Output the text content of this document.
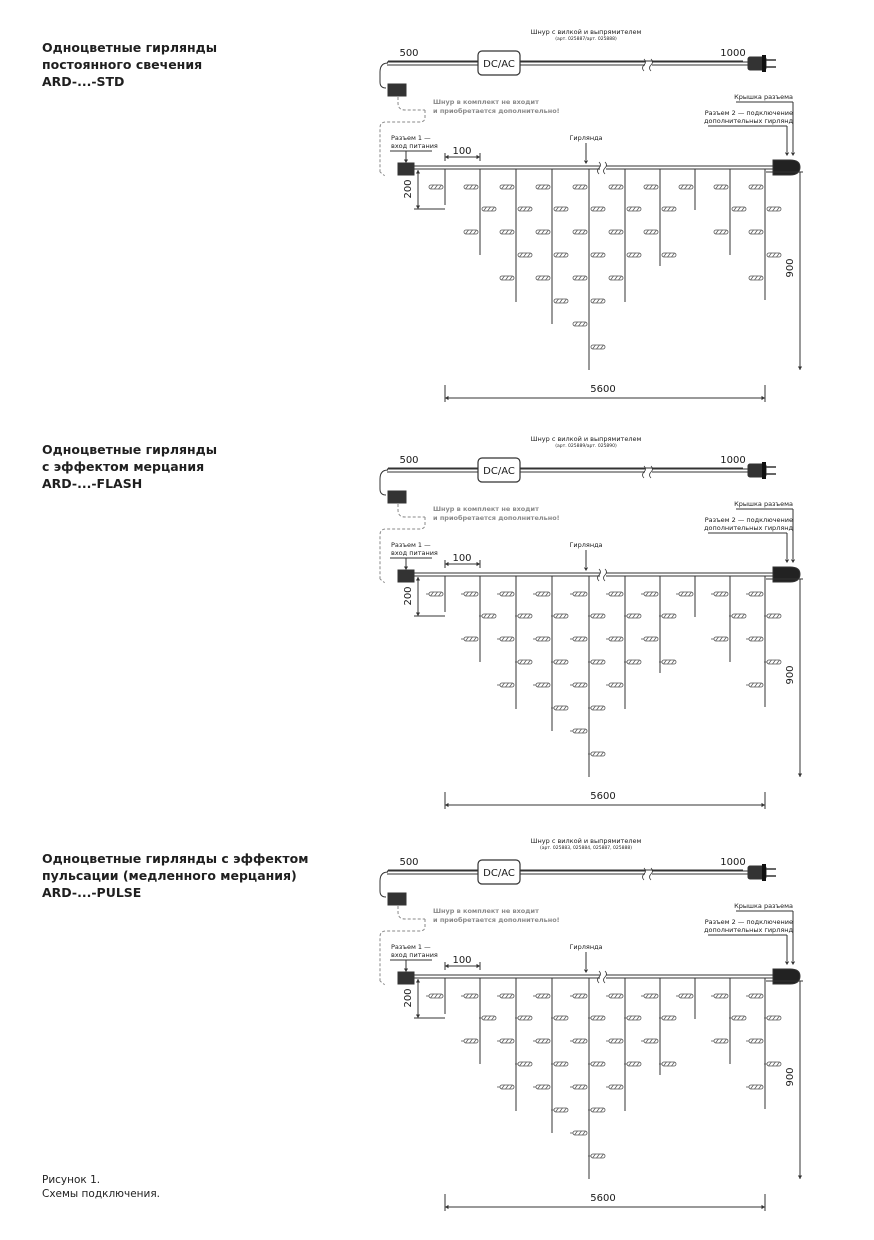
Одноцветные гирлянды
постоянного свечения
ARD-...-STD
Одноцветные гирлянды
с эффектом мерцания
ARD-...-FLASH
Одноцветные гирлянды с эффектом
пульсации (медленного мерцания)
ARD-...-PULSE
Шнур с вилкой и выпрямителем
(арт. 025887/арт. 025888)
500	1000
DC/AC
Шнур в комплект не входит
и приобретается дополнительно!
Крышка разъема
Разъем 2 — подключение
дополнительных гирлянд
Разъем 1 —
вход питания
Гирлянда
100
200
900
5600
Шнур с вилкой и выпрямителем
(арт. 025889/арт. 025890)
500	1000
DC/AC
Шнур в комплект не входит
и приобретается дополнительно!
Крышка разъема
Разъем 2 — подключение
дополнительных гирлянд
Разъем 1 —
вход питания
Гирлянда
100
200
900
5600
Шнур с вилкой и выпрямителем
(арт. 025883, 025884, 025887, 025888)
500	1000
DC/AC
Шнур в комплект не входит
и приобретается дополнительно!
Крышка разъема
Разъем 2 — подключение
дополнительных гирлянд
Разъем 1 —
вход питания
Гирлянда
100
200
900
5600
Рисунок 1.
Схемы подключения.
